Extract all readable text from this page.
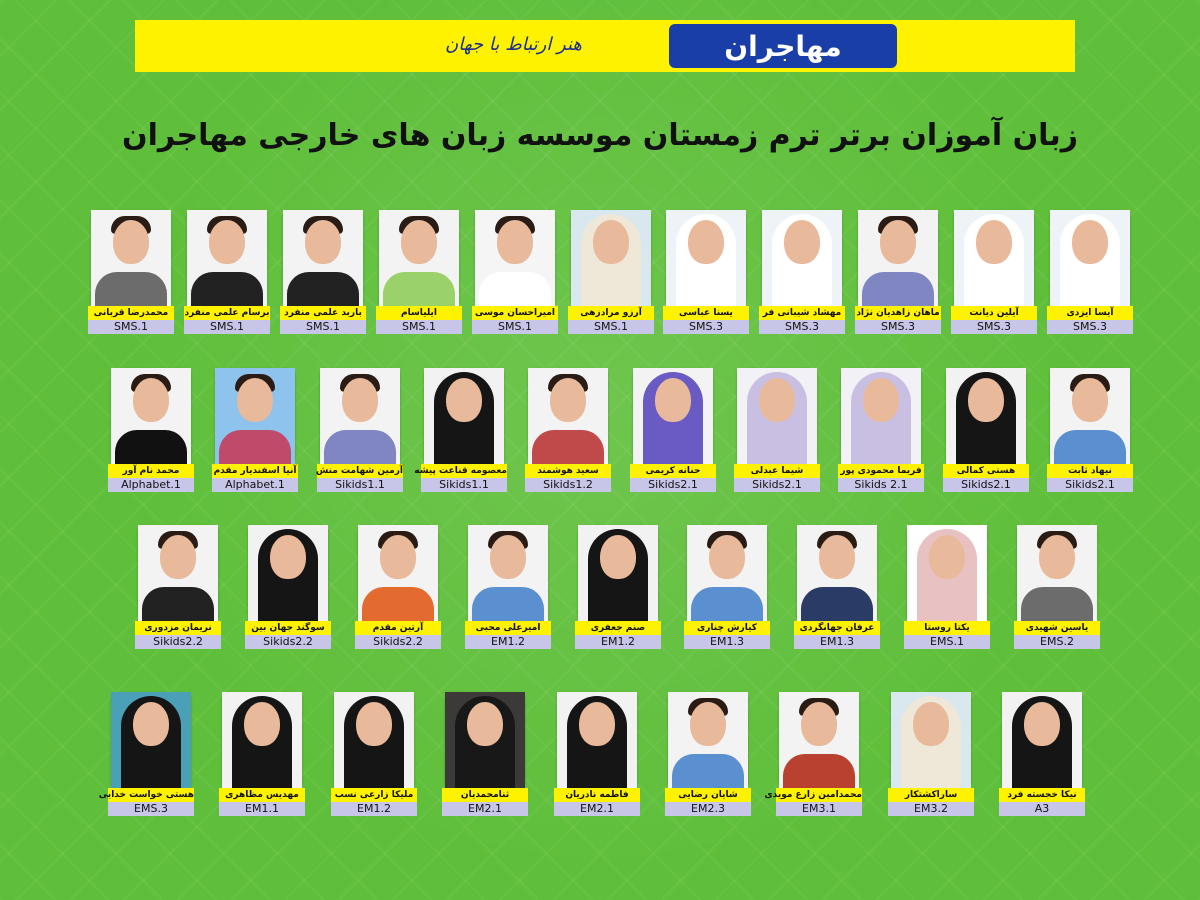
هنر ارتباط با جهان	مهاجران
زبان آموزان برتر ترم زمستان موسسه زبان های خارجی مهاجران
آیسا ایزدی
SMS.3
آیلین دیانت
SMS.3
ماهان زاهدیان نژاد
SMS.3
مهشاد شیبانی فر
SMS.3
یسنا عباسی
SMS.3
آرزو مرادزهی
SMS.1
امیراحسان موسی
SMS.1
ایلیاسام
SMS.1
باربد علمی منفرد
SMS.1
برسام علمی منفرد
SMS.1
محمدرضا قربانی
SMS.1
نیهاد ثابت
Sikids2.1
هستی کمالی
Sikids2.1
فریما محمودی پور
Sikids 2.1
شیما عبدلی
Sikids2.1
حنانه کریمی
Sikids2.1
سعید هوشمند
Sikids1.2
معصومه قناعت پیشه
Sikids1.1
آرمین شهامت منش
Sikids1.1
آنیا اسفندیار مقدم
Alphabet.1
محمد نام آور
Alphabet.1
یاسین شهیدی
EMS.2
یکتا روستا
EMS.1
عرفان جهانگردی
EM1.3
کیارش چناری
EM1.3
صنم جعفری
EM1.2
امیرعلی محبی
EM1.2
آرتین مقدم
Sikids2.2
سوگند جهان بین
Sikids2.2
نریمان مزدوری
Sikids2.2
نیکا خجسته فرد
A3
ساراکشتکار
EM3.2
محمدامین زارع مویدی
EM3.1
شایان رضایی
EM2.3
فاطمه نادریان
EM2.1
ثنامحمدیان
EM2.1
ملیکا زارعی نسب
EM1.2
مهدیس مظاهری
EM1.1
هستی خواست خدایی
EMS.3
